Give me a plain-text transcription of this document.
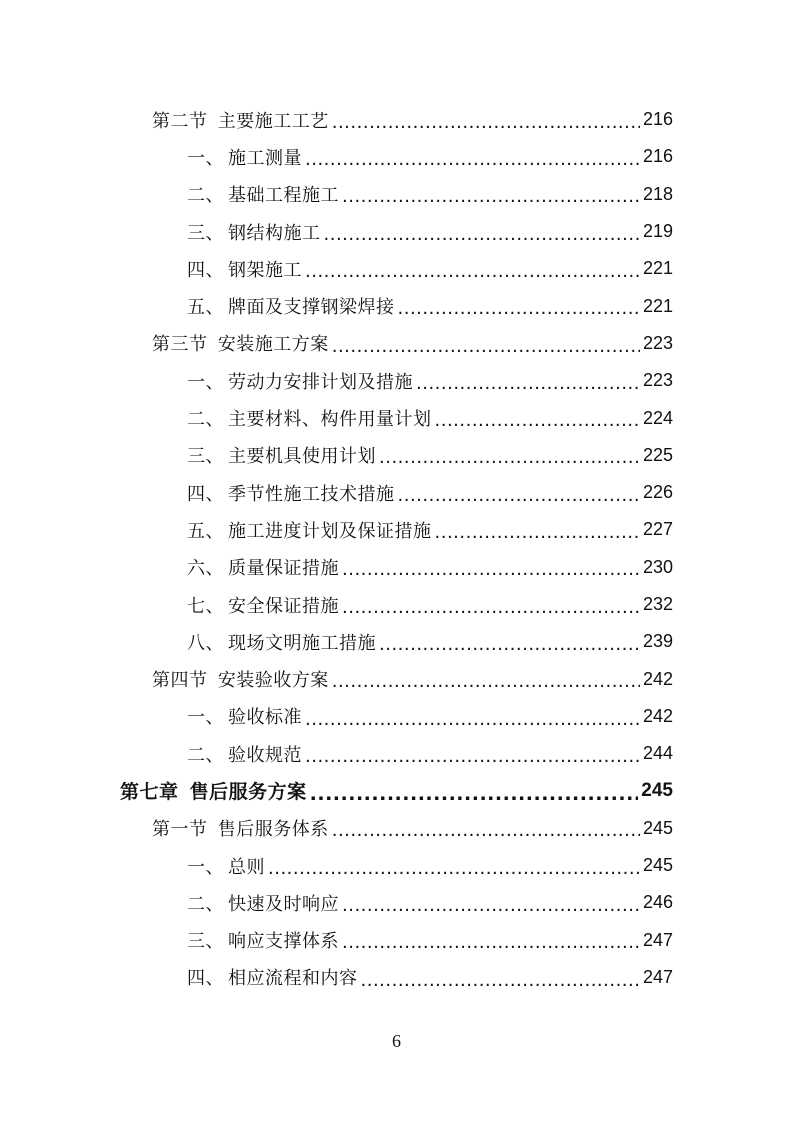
第二节 主要施工工艺 .....	216
一、 施工测量 .....	216
二、 基础工程施工 .....	218
三、 钢结构施工 .....	219
四、 钢架施工 .....	221
五、 牌面及支撑钢梁焊接 .....	221
第三节 安装施工方案 .....	223
一、 劳动力安排计划及措施 .....	223
二、 主要材料、构件用量计划 .....	224
三、 主要机具使用计划 .....	225
四、 季节性施工技术措施 .....	226
五、 施工进度计划及保证措施 .....	227
六、 质量保证措施 .....	230
七、 安全保证措施 .....	232
八、 现场文明施工措施 .....	239
第四节 安装验收方案 .....	242
一、 验收标准 .....	242
二、 验收规范 .....	244
第七章 售后服务方案 .....	245
第一节 售后服务体系 .....	245
一、 总则 .....	245
二、 快速及时响应 .....	246
三、 响应支撑体系 .....	247
四、 相应流程和内容 .....	247
6
